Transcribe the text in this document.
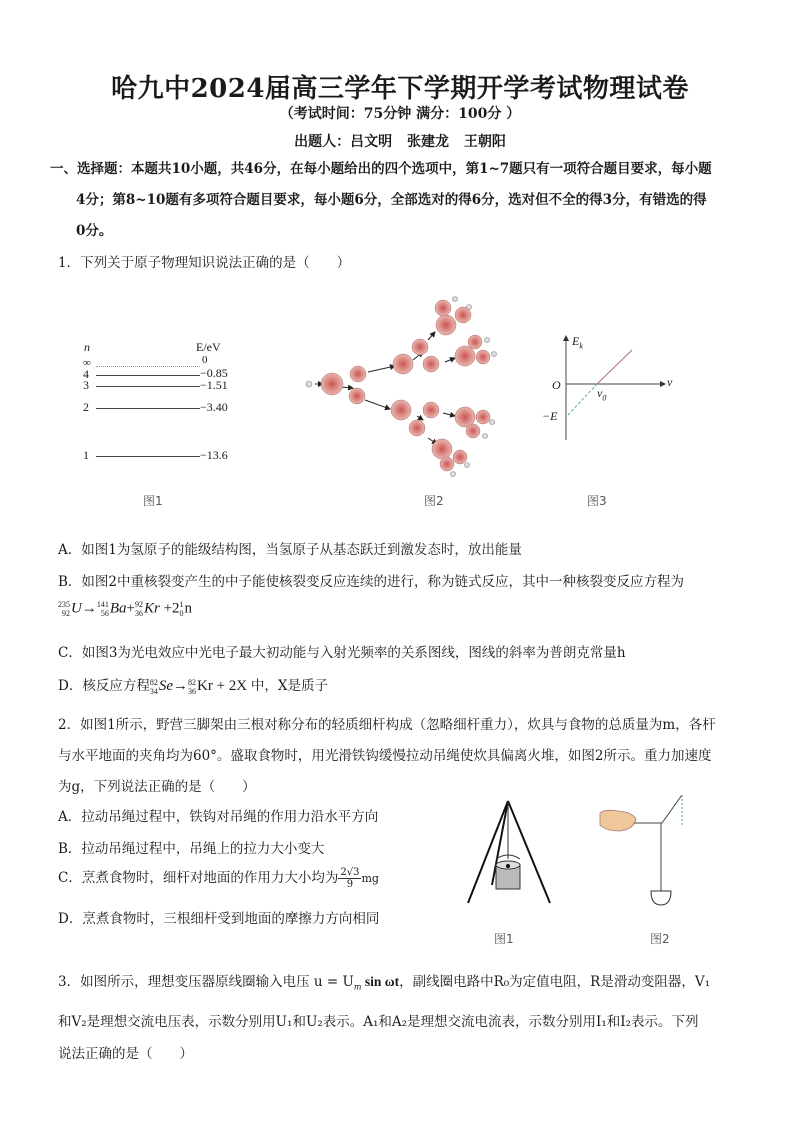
哈九中2024届高三学年下学期开学考试物理试卷
（考试时间：75分钟 满分：100分 ）
出题人：吕文明 张建龙 王朝阳
一、选择题：本题共10小题，共46分，在每小题给出的四个选项中，第1~7题只有一项符合题目要求，每小题
4分；第8~10题有多项符合题目要求，每小题6分，全部选对的得6分，选对但不全的得3分，有错选的得
0分。
1．下列关于原子物理知识说法正确的是（　　）
n	E/eV
∞	0
4	−0.85
3	−1.51
2	−3.40
1	−13.6
图1	图2
$E_k$
ν
O
−E
$\nu_0$
图3
A．如图1为氢原子的能级结构图，当氢原子从基态跃迁到激发态时，放出能量
B．如图2中重核裂变产生的中子能使核裂变反应连续的进行，称为链式反应，其中一种核裂变反应方程为
235
92 U→ 141
56 Ba+ 92
36 Kr +2 1
0 n
C．如图3为光电效应中光电子最大初动能与入射光频率的关系图线，图线的斜率为普朗克常量h
D．核反应方程 82
34 Se→ 82
36 Kr + 2X 中，X是质子
2．如图1所示，野营三脚架由三根对称分布的轻质细杆构成（忽略细杆重力），炊具与食物的总质量为m，各杆
与水平地面的夹角均为60°。盛取食物时，用光滑铁钩缓慢拉动吊绳使炊具偏离火堆，如图2所示。重力加速度
为g，下列说法正确的是（　　）
A．拉动吊绳过程中，铁钩对吊绳的作用力沿水平方向
B．拉动吊绳过程中，吊绳上的拉力大小变大
C．烹煮食物时，细杆对地面的作用力大小均为 $\frac{2√3}{9}$ mg
D．烹煮食物时，三根细杆受到地面的摩擦力方向相同
图1	图2
3．如图所示，理想变压器原线圈输入电压 $u = U_m$ sin ωt，副线圈电路中R₀为定值电阻，R是滑动变阻器，V₁
和V₂是理想交流电压表，示数分别用U₁和U₂表示。A₁和A₂是理想交流电流表，示数分别用I₁和I₂表示。下列
说法正确的是（　　）
